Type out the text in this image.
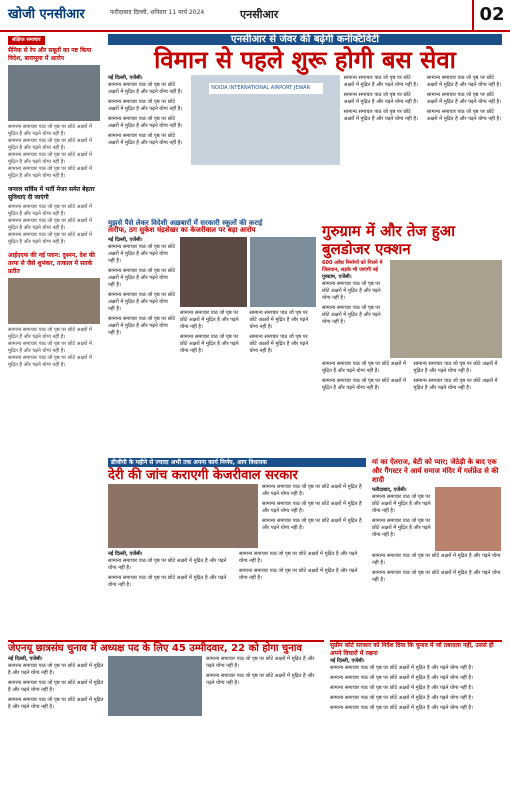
खोजी एनसीआर	फरीदाबाद दिल्ली, शनिवार 11 मार्च 2024	एनसीआर	02
संक्षिप्त समाचार
सैनिक से रेप और सबूतों का नष्ट किया विदेश, बारामूला में आरोप
सामान्य समाचार पाठ जो पृष्ठ पर छोटे अक्षरों में मुद्रित है और पढ़ने योग्य नहीं है।
सामान्य समाचार पाठ जो पृष्ठ पर छोटे अक्षरों में मुद्रित है और पढ़ने योग्य नहीं है।
सामान्य समाचार पाठ जो पृष्ठ पर छोटे अक्षरों में मुद्रित है और पढ़ने योग्य नहीं है।
सामान्य समाचार पाठ जो पृष्ठ पर छोटे अक्षरों में मुद्रित है और पढ़ने योग्य नहीं है।
जनरल सर्विस में भर्ती मेजर समेत बेहतर सुविधाएं दी जाएंगी
सामान्य समाचार पाठ जो पृष्ठ पर छोटे अक्षरों में मुद्रित है और पढ़ने योग्य नहीं है।
सामान्य समाचार पाठ जो पृष्ठ पर छोटे अक्षरों में मुद्रित है और पढ़ने योग्य नहीं है।
सामान्य समाचार पाठ जो पृष्ठ पर छोटे अक्षरों में मुद्रित है और पढ़ने योग्य नहीं है।
आईएएफ की नई प्लान: दुश्मन, देश की तरफ से जैसे शुभंकर, तत्काल में सतर्क प्रतीत
सामान्य समाचार पाठ जो पृष्ठ पर छोटे अक्षरों में मुद्रित है और पढ़ने योग्य नहीं है।
सामान्य समाचार पाठ जो पृष्ठ पर छोटे अक्षरों में मुद्रित है और पढ़ने योग्य नहीं है।
सामान्य समाचार पाठ जो पृष्ठ पर छोटे अक्षरों में मुद्रित है और पढ़ने योग्य नहीं है।
एनसीआर से जेवर की बढ़ेगी कनेक्टिविटी
विमान से पहले शुरू होगी बस सेवा
नई दिल्ली, एजेंसी।

सामान्य समाचार पाठ जो पृष्ठ पर छोटे अक्षरों में मुद्रित है और पढ़ने योग्य नहीं है।

सामान्य समाचार पाठ जो पृष्ठ पर छोटे अक्षरों में मुद्रित है और पढ़ने योग्य नहीं है।

सामान्य समाचार पाठ जो पृष्ठ पर छोटे अक्षरों में मुद्रित है और पढ़ने योग्य नहीं है।

सामान्य समाचार पाठ जो पृष्ठ पर छोटे अक्षरों में मुद्रित है और पढ़ने योग्य नहीं है।

NOIDA INTERNATIONAL AIRPORT JEWAR

सामान्य समाचार पाठ जो पृष्ठ पर छोटे अक्षरों में मुद्रित है और पढ़ने योग्य नहीं है।

सामान्य समाचार पाठ जो पृष्ठ पर छोटे अक्षरों में मुद्रित है और पढ़ने योग्य नहीं है।

सामान्य समाचार पाठ जो पृष्ठ पर छोटे अक्षरों में मुद्रित है और पढ़ने योग्य नहीं है।

सामान्य समाचार पाठ जो पृष्ठ पर छोटे अक्षरों में मुद्रित है और पढ़ने योग्य नहीं है।

सामान्य समाचार पाठ जो पृष्ठ पर छोटे अक्षरों में मुद्रित है और पढ़ने योग्य नहीं है।

सामान्य समाचार पाठ जो पृष्ठ पर छोटे अक्षरों में मुद्रित है और पढ़ने योग्य नहीं है।

मुझसे पैसे लेकर विदेशी अख़बारों में सरकारी स्कूलों की कराई
तारीफ, ठग सुकेश चंद्रशेखर का केजरीवाल पर बड़ा आरोप
नई दिल्ली, एजेंसी।

सामान्य समाचार पाठ जो पृष्ठ पर छोटे अक्षरों में मुद्रित है और पढ़ने योग्य नहीं है।

सामान्य समाचार पाठ जो पृष्ठ पर छोटे अक्षरों में मुद्रित है और पढ़ने योग्य नहीं है।

सामान्य समाचार पाठ जो पृष्ठ पर छोटे अक्षरों में मुद्रित है और पढ़ने योग्य नहीं है।

सामान्य समाचार पाठ जो पृष्ठ पर छोटे अक्षरों में मुद्रित है और पढ़ने योग्य नहीं है।

सामान्य समाचार पाठ जो पृष्ठ पर छोटे अक्षरों में मुद्रित है और पढ़ने योग्य नहीं है।

सामान्य समाचार पाठ जो पृष्ठ पर छोटे अक्षरों में मुद्रित है और पढ़ने योग्य नहीं है।

सामान्य समाचार पाठ जो पृष्ठ पर छोटे अक्षरों में मुद्रित है और पढ़ने योग्य नहीं है।

सामान्य समाचार पाठ जो पृष्ठ पर छोटे अक्षरों में मुद्रित है और पढ़ने योग्य नहीं है।

गुरुग्राम में और तेज हुआ बुलडोजर एक्शन
600 अवैध निर्माणों को गिराने में जिलवान, सड़के भी जाएंगी नई
गुरुग्राम, एजेंसी।

सामान्य समाचार पाठ जो पृष्ठ पर छोटे अक्षरों में मुद्रित है और पढ़ने योग्य नहीं है।

सामान्य समाचार पाठ जो पृष्ठ पर छोटे अक्षरों में मुद्रित है और पढ़ने योग्य नहीं है।

सामान्य समाचार पाठ जो पृष्ठ पर छोटे अक्षरों में मुद्रित है और पढ़ने योग्य नहीं है।

सामान्य समाचार पाठ जो पृष्ठ पर छोटे अक्षरों में मुद्रित है और पढ़ने योग्य नहीं है।

सामान्य समाचार पाठ जो पृष्ठ पर छोटे अक्षरों में मुद्रित है और पढ़ने योग्य नहीं है।

सामान्य समाचार पाठ जो पृष्ठ पर छोटे अक्षरों में मुद्रित है और पढ़ने योग्य नहीं है।

डीजीपी के महीने से ज्यादा अभी तक अपना कार्य निर्णय, आप विधायक
देरी की जांच कराएगी केजरीवाल सरकार

सामान्य समाचार पाठ जो पृष्ठ पर छोटे अक्षरों में मुद्रित है और पढ़ने योग्य नहीं है।

सामान्य समाचार पाठ जो पृष्ठ पर छोटे अक्षरों में मुद्रित है और पढ़ने योग्य नहीं है।

सामान्य समाचार पाठ जो पृष्ठ पर छोटे अक्षरों में मुद्रित है और पढ़ने योग्य नहीं है।

नई दिल्ली, एजेंसी।

सामान्य समाचार पाठ जो पृष्ठ पर छोटे अक्षरों में मुद्रित है और पढ़ने योग्य नहीं है।

सामान्य समाचार पाठ जो पृष्ठ पर छोटे अक्षरों में मुद्रित है और पढ़ने योग्य नहीं है।

सामान्य समाचार पाठ जो पृष्ठ पर छोटे अक्षरों में मुद्रित है और पढ़ने योग्य नहीं है।

सामान्य समाचार पाठ जो पृष्ठ पर छोटे अक्षरों में मुद्रित है और पढ़ने योग्य नहीं है।

मां का ऐतराज, बेटी को प्यार; जेठेड़ी के बाद एक और गैंगस्टर ने आर्य समाज मंदिर में गर्लफ्रेंड से की शादी
फरीदाबाद, एजेंसी।

सामान्य समाचार पाठ जो पृष्ठ पर छोटे अक्षरों में मुद्रित है और पढ़ने योग्य नहीं है।

सामान्य समाचार पाठ जो पृष्ठ पर छोटे अक्षरों में मुद्रित है और पढ़ने योग्य नहीं है।

सामान्य समाचार पाठ जो पृष्ठ पर छोटे अक्षरों में मुद्रित है और पढ़ने योग्य नहीं है।

सामान्य समाचार पाठ जो पृष्ठ पर छोटे अक्षरों में मुद्रित है और पढ़ने योग्य नहीं है।

जेएनयू छात्रसंघ चुनाव में अध्यक्ष पद के लिए 45 उम्मीदवार, 22 को होगा चुनाव
नई दिल्ली, एजेंसी।

सामान्य समाचार पाठ जो पृष्ठ पर छोटे अक्षरों में मुद्रित है और पढ़ने योग्य नहीं है।

सामान्य समाचार पाठ जो पृष्ठ पर छोटे अक्षरों में मुद्रित है और पढ़ने योग्य नहीं है।

सामान्य समाचार पाठ जो पृष्ठ पर छोटे अक्षरों में मुद्रित है और पढ़ने योग्य नहीं है।

सामान्य समाचार पाठ जो पृष्ठ पर छोटे अक्षरों में मुद्रित है और पढ़ने योग्य नहीं है।

सामान्य समाचार पाठ जो पृष्ठ पर छोटे अक्षरों में मुद्रित है और पढ़ने योग्य नहीं है।

सुप्रीम कोर्ट सरकार को निर्देश दिया कि चुनाव में जो तबादला नहीं, उससे ही अपने विचारों में रखना
नई दिल्ली, एजेंसी।

सामान्य समाचार पाठ जो पृष्ठ पर छोटे अक्षरों में मुद्रित है और पढ़ने योग्य नहीं है।

सामान्य समाचार पाठ जो पृष्ठ पर छोटे अक्षरों में मुद्रित है और पढ़ने योग्य नहीं है।

सामान्य समाचार पाठ जो पृष्ठ पर छोटे अक्षरों में मुद्रित है और पढ़ने योग्य नहीं है।

सामान्य समाचार पाठ जो पृष्ठ पर छोटे अक्षरों में मुद्रित है और पढ़ने योग्य नहीं है।

सामान्य समाचार पाठ जो पृष्ठ पर छोटे अक्षरों में मुद्रित है और पढ़ने योग्य नहीं है।
